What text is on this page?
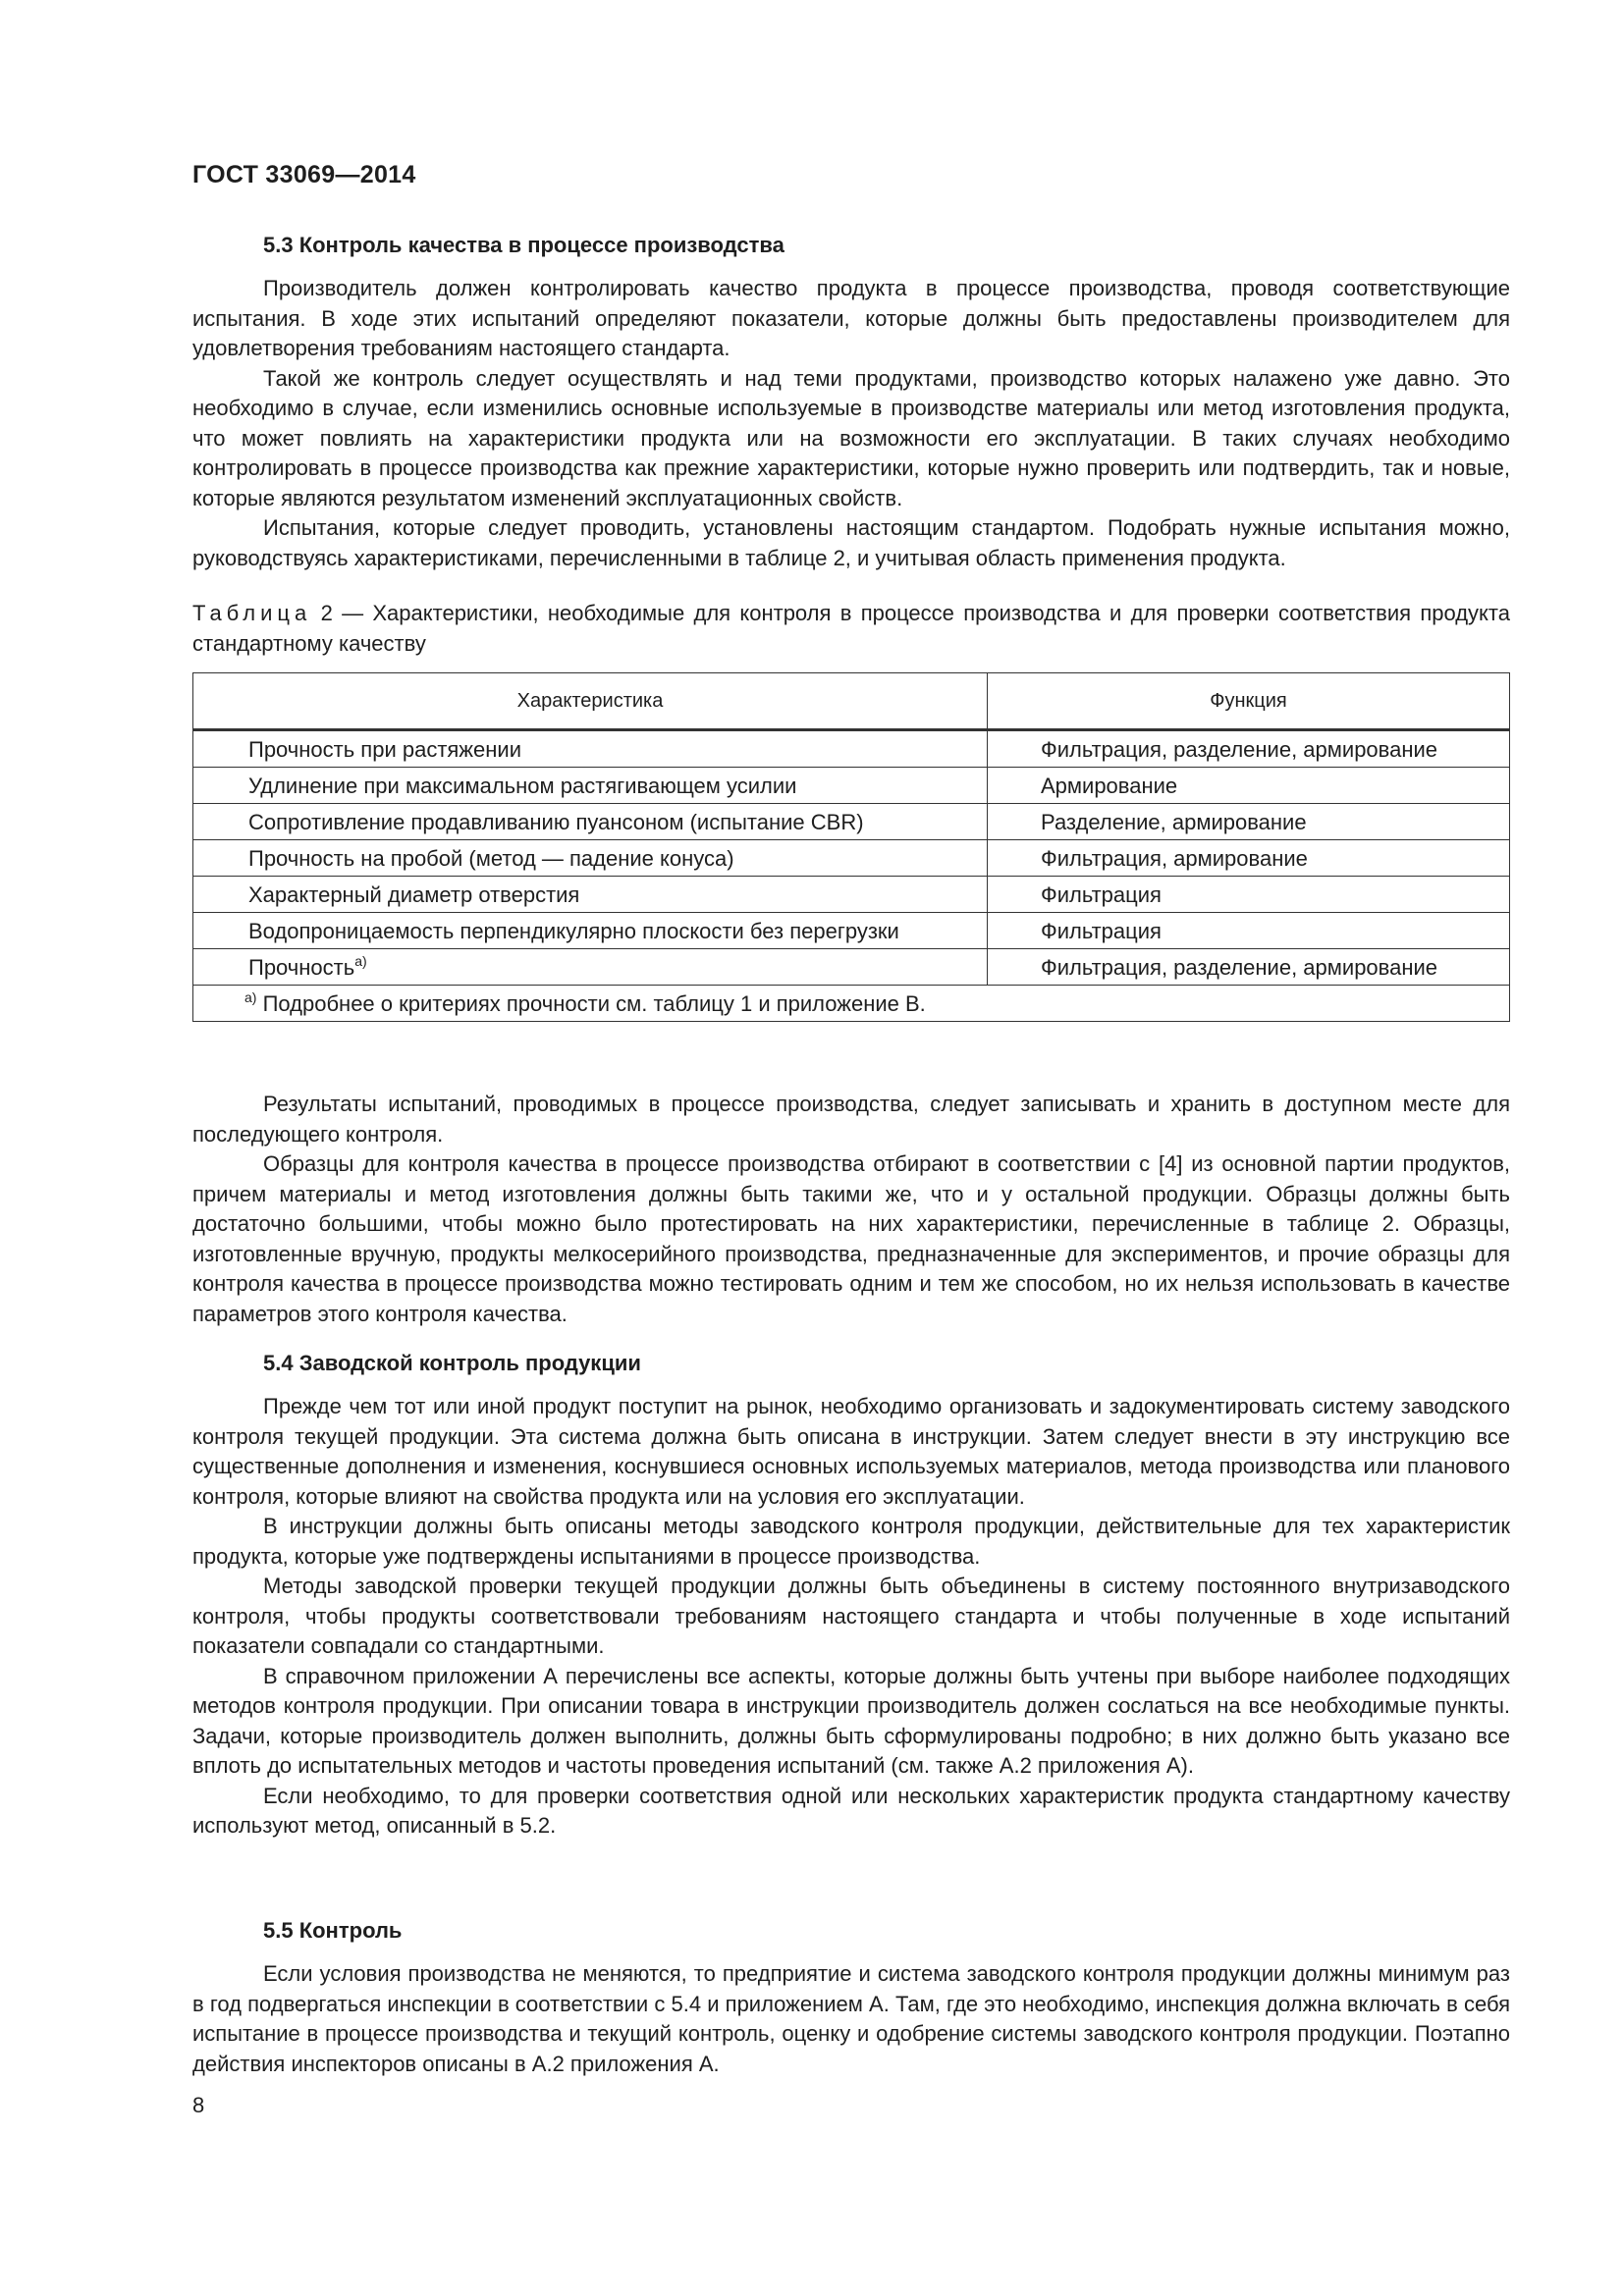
ГОСТ 33069—2014
5.3 Контроль качества в процессе производства

Производитель должен контролировать качество продукта в процессе производства, проводя соответствующие испытания. В ходе этих испытаний определяют показатели, которые должны быть предоставлены производителем для удовлетворения требованиям настоящего стандарта.

Такой же контроль следует осуществлять и над теми продуктами, производство которых налажено уже давно. Это необходимо в случае, если изменились основные используемые в производстве материалы или метод изготовления продукта, что может повлиять на характеристики продукта или на возможности его эксплуатации. В таких случаях необходимо контролировать в процессе производства как прежние характеристики, которые нужно проверить или подтвердить, так и новые, которые являются результатом изменений эксплуатационных свойств.

Испытания, которые следует проводить, установлены настоящим стандартом. Подобрать нужные испытания можно, руководствуясь характеристиками, перечисленными в таблице 2, и учитывая область применения продукта.

Таблица 2 — Характеристики, необходимые для контроля в процессе производства и для проверки соответствия продукта стандартному качеству
Характеристика	Функция

Прочность при растяжении	Фильтрация, разделение, армирование

Удлинение при максимальном растягивающем усилии	Армирование

Сопротивление продавливанию пуансоном (испытание CBR)	Разделение, армирование

Прочность на пробой (метод — падение конуса)	Фильтрация, армирование

Характерный диаметр отверстия	Фильтрация

Водопроницаемость перпендикулярно плоскости без перегрузки	Фильтрация

Прочность$^{а)}$	Фильтрация, разделение, армирование
$^{а)}$ Подробнее о критериях прочности см. таблицу 1 и приложение В.	

Результаты испытаний, проводимых в процессе производства, следует записывать и хранить в доступном месте для последующего контроля.

Образцы для контроля качества в процессе производства отбирают в соответствии с [4] из основной партии продуктов, причем материалы и метод изготовления должны быть такими же, что и у остальной продукции. Образцы должны быть достаточно большими, чтобы можно было протестировать на них характеристики, перечисленные в таблице 2. Образцы, изготовленные вручную, продукты мелкосерийного производства, предназначенные для экспериментов, и прочие образцы для контроля качества в процессе производства можно тестировать одним и тем же способом, но их нельзя использовать в качестве параметров этого контроля качества.

5.4 Заводской контроль продукции

Прежде чем тот или иной продукт поступит на рынок, необходимо организовать и задокументировать систему заводского контроля текущей продукции. Эта система должна быть описана в инструкции. Затем следует внести в эту инструкцию все существенные дополнения и изменения, коснувшиеся основных используемых материалов, метода производства или планового контроля, которые влияют на свойства продукта или на условия его эксплуатации.

В инструкции должны быть описаны методы заводского контроля продукции, действительные для тех характеристик продукта, которые уже подтверждены испытаниями в процессе производства.

Методы заводской проверки текущей продукции должны быть объединены в систему постоянного внутризаводского контроля, чтобы продукты соответствовали требованиям настоящего стандарта и чтобы полученные в ходе испытаний показатели совпадали со стандартными.

В справочном приложении А перечислены все аспекты, которые должны быть учтены при выборе наиболее подходящих методов контроля продукции. При описании товара в инструкции производитель должен сослаться на все необходимые пункты. Задачи, которые производитель должен выполнить, должны быть сформулированы подробно; в них должно быть указано все вплоть до испытательных методов и частоты проведения испытаний (см. также А.2 приложения А).

Если необходимо, то для проверки соответствия одной или нескольких характеристик продукта стандартному качеству используют метод, описанный в 5.2.

5.5 Контроль

Если условия производства не меняются, то предприятие и система заводского контроля продукции должны минимум раз в год подвергаться инспекции в соответствии с 5.4 и приложением А. Там, где это необходимо, инспекция должна включать в себя испытание в процессе производства и текущий контроль, оценку и одобрение системы заводского контроля продукции. Поэтапно действия инспекторов описаны в А.2 приложения А.

8
